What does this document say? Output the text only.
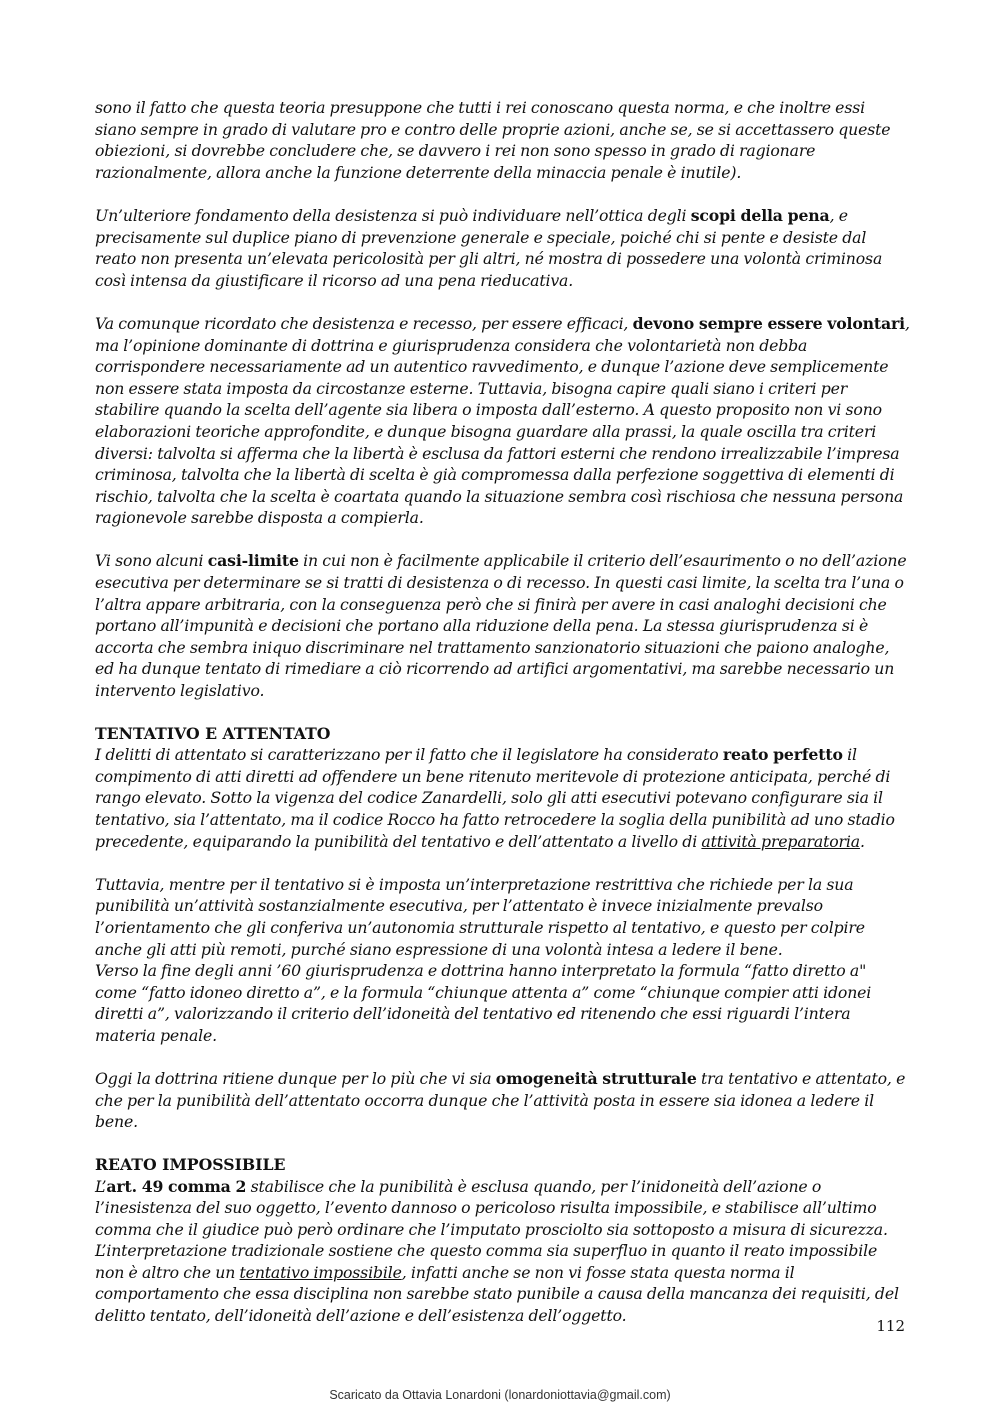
sono il fatto che questa teoria presuppone che tutti i rei conoscano questa norma, e che inoltre essi siano sempre in grado di valutare pro e contro delle proprie azioni, anche se, se si accettassero queste obiezioni, si dovrebbe concludere che, se davvero i rei non sono spesso in grado di ragionare razionalmente, allora anche la funzione deterrente della minaccia penale è inutile).

Un’ulteriore fondamento della desistenza si può individuare nell’ottica degli scopi della pena, e precisamente sul duplice piano di prevenzione generale e speciale, poiché chi si pente e desiste dal reato non presenta un’elevata pericolosità per gli altri, né mostra di possedere una volontà criminosa così intensa da giustificare il ricorso ad una pena rieducativa.

Va comunque ricordato che desistenza e recesso, per essere efficaci, devono sempre essere volontari, ma l’opinione dominante di dottrina e giurisprudenza considera che volontarietà non debba corrispondere necessariamente ad un autentico ravvedimento, e dunque l’azione deve semplicemente non essere stata imposta da circostanze esterne. Tuttavia, bisogna capire quali siano i criteri per stabilire quando la scelta dell’agente sia libera o imposta dall’esterno. A questo proposito non vi sono elaborazioni teoriche approfondite, e dunque bisogna guardare alla prassi, la quale oscilla tra criteri diversi: talvolta si afferma che la libertà è esclusa da fattori esterni che rendono irrealizzabile l’impresa criminosa, talvolta che la libertà di scelta è già compromessa dalla perfezione soggettiva di elementi di rischio, talvolta che la scelta è coartata quando la situazione sembra così rischiosa che nessuna persona ragionevole sarebbe disposta a compierla.

Vi sono alcuni casi-limite in cui non è facilmente applicabile il criterio dell’esaurimento o no dell’azione esecutiva per determinare se si tratti di desistenza o di recesso. In questi casi limite, la scelta tra l’una o l’altra appare arbitraria, con la conseguenza però che si finirà per avere in casi analoghi decisioni che portano all’impunità e decisioni che portano alla riduzione della pena. La stessa giurisprudenza si è accorta che sembra iniquo discriminare nel trattamento sanzionatorio situazioni che paiono analoghe, ed ha dunque tentato di rimediare a ciò ricorrendo ad artifici argomentativi, ma sarebbe necessario un intervento legislativo.

TENTATIVO E ATTENTATO

I delitti di attentato si caratterizzano per il fatto che il legislatore ha considerato reato perfetto il compimento di atti diretti ad offendere un bene ritenuto meritevole di protezione anticipata, perché di rango elevato. Sotto la vigenza del codice Zanardelli, solo gli atti esecutivi potevano configurare sia il tentativo, sia l’attentato, ma il codice Rocco ha fatto retrocedere la soglia della punibilità ad uno stadio precedente, equiparando la punibilità del tentativo e dell’attentato a livello di attività preparatoria.

Tuttavia, mentre per il tentativo si è imposta un’interpretazione restrittiva che richiede per la sua punibilità un’attività sostanzialmente esecutiva, per l’attentato è invece inizialmente prevalso l’orientamento che gli conferiva un’autonomia strutturale rispetto al tentativo, e questo per colpire anche gli atti più remoti, purché siano espressione di una volontà intesa a ledere il bene.

Verso la fine degli anni ’60 giurisprudenza e dottrina hanno interpretato la formula “fatto diretto a" come “fatto idoneo diretto a”, e la formula “chiunque attenta a” come “chiunque compier atti idonei diretti a”, valorizzando il criterio dell’idoneità del tentativo ed ritenendo che essi riguardi l’intera materia penale.

Oggi la dottrina ritiene dunque per lo più che vi sia omogeneità strutturale tra tentativo e attentato, e che per la punibilità dell’attentato occorra dunque che l’attività posta in essere sia idonea a ledere il bene.

REATO IMPOSSIBILE

L’art. 49 comma 2 stabilisce che la punibilità è esclusa quando, per l’inidoneità dell’azione o l’inesistenza del suo oggetto, l’evento dannoso o pericoloso risulta impossibile, e stabilisce all’ultimo comma che il giudice può però ordinare che l’imputato prosciolto sia sottoposto a misura di sicurezza. L’interpretazione tradizionale sostiene che questo comma sia superfluo in quanto il reato impossibile non è altro che un tentativo impossibile, infatti anche se non vi fosse stata questa norma il comportamento che essa disciplina non sarebbe stato punibile a causa della mancanza dei requisiti, del delitto tentato, dell’idoneità dell’azione e dell’esistenza dell’oggetto.

112
Scaricato da Ottavia Lonardoni (lonardoniottavia@gmail.com)
